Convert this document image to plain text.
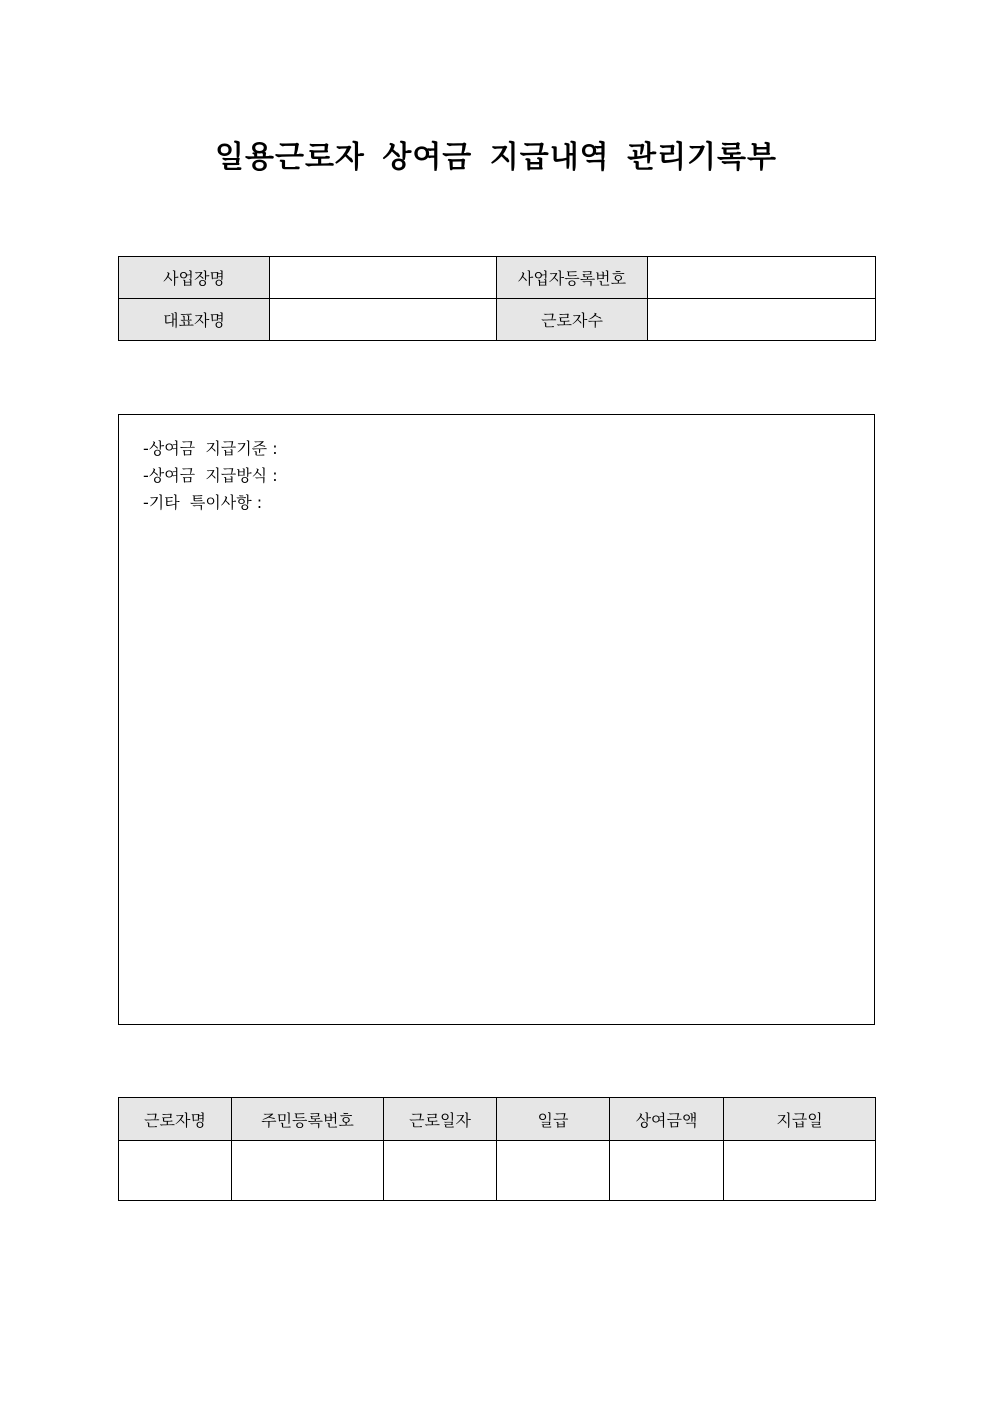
일용근로자 상여금 지급내역 관리기록부
사업장명		사업자등록번호	
대표자명		근로자수	
-상여금  지급기준 :
-상여금  지급방식 :
-기타  특이사항 :
근로자명	주민등록번호	근로일자	일급	상여금액	지급일
